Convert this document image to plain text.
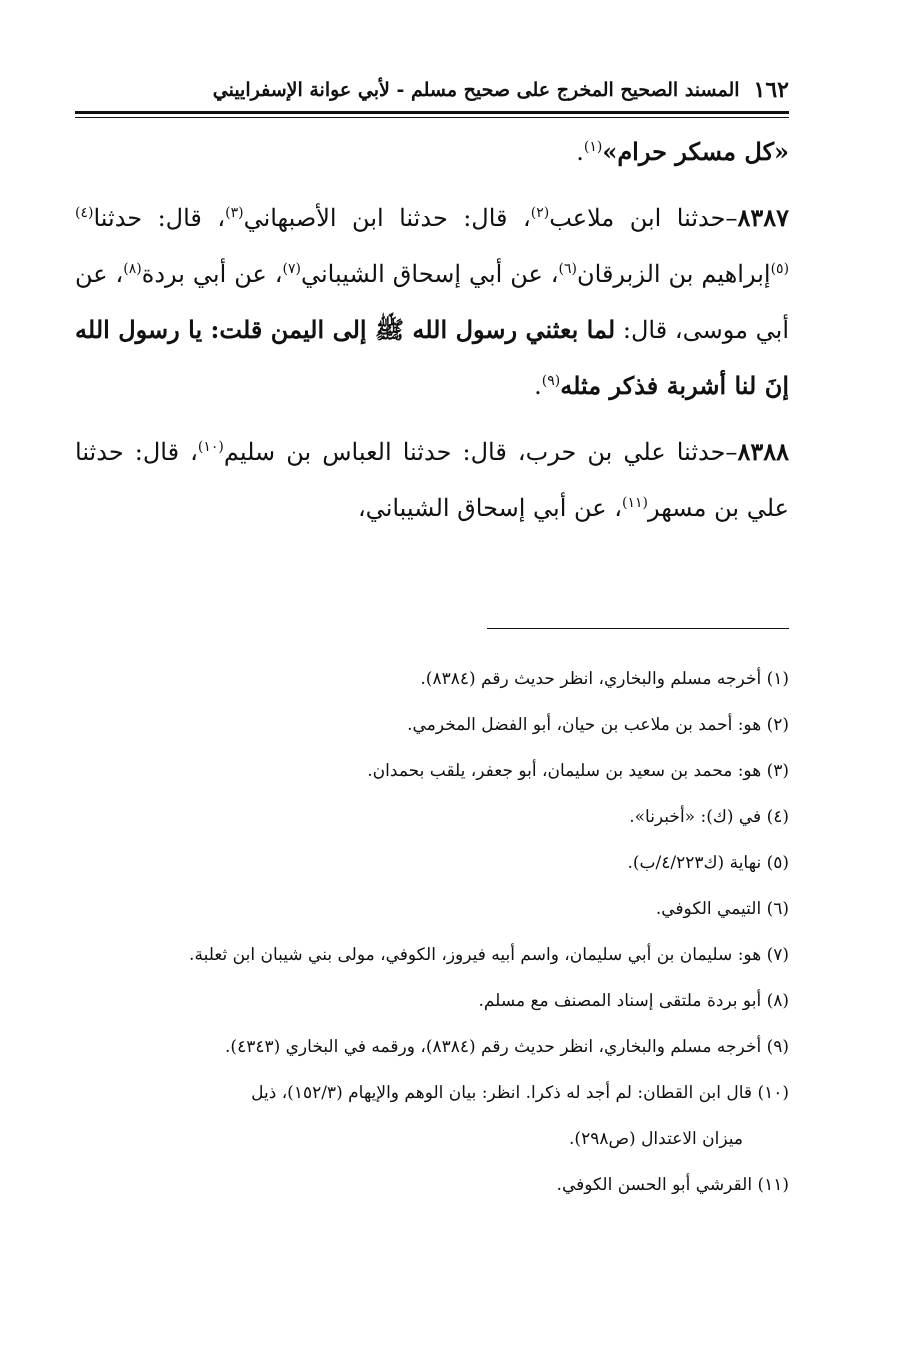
١٦٢
المسند الصحيح المخرج على صحيح مسلم - لأبي عوانة الإسفراييني

«كل مسكر حرام»$^{(١)}$.

٨٣٨٧–حدثنا ابن ملاعب$^{(٢)}$، قال: حدثنا ابن الأصبهاني$^{(٣)}$، قال: حدثنا$^{(٤)(٥)}$إبراهيم بن الزبرقان$^{(٦)}$، عن أبي إسحاق الشيباني$^{(٧)}$، عن أبي بردة$^{(٨)}$، عن أبي موسى، قال: لما بعثني رسول الله ﷺ إلى اليمن قلت: يا رسول الله إنَ لنا أشربة فذكر مثله$^{(٩)}$.

٨٣٨٨–حدثنا علي بن حرب، قال: حدثنا العباس بن سليم$^{(١٠)}$، قال: حدثنا علي بن مسهر$^{(١١)}$، عن أبي إسحاق الشيباني،

(١) أخرجه مسلم والبخاري، انظر حديث رقم (٨٣٨٤).

(٢) هو: أحمد بن ملاعب بن حيان، أبو الفضل المخرمي.

(٣) هو: محمد بن سعيد بن سليمان، أبو جعفر، يلقب بحمدان.

(٤) في (ك): «أخبرنا».

(٥) نهاية (ك٤/٢٢٣/ب).

(٦) التيمي الكوفي.

(٧) هو: سليمان بن أبي سليمان، واسم أبيه فيروز، الكوفي، مولى بني شيبان ابن ثعلبة.

(٨) أبو بردة ملتقى إسناد المصنف مع مسلم.

(٩) أخرجه مسلم والبخاري، انظر حديث رقم (٨٣٨٤)، ورقمه في البخاري (٤٣٤٣).

(١٠) قال ابن القطان: لم أجد له ذكرا. انظر: بيان الوهم والإيهام (١٥٢/٣)، ذيل

ميزان الاعتدال (ص٢٩٨).

(١١) القرشي أبو الحسن الكوفي.
